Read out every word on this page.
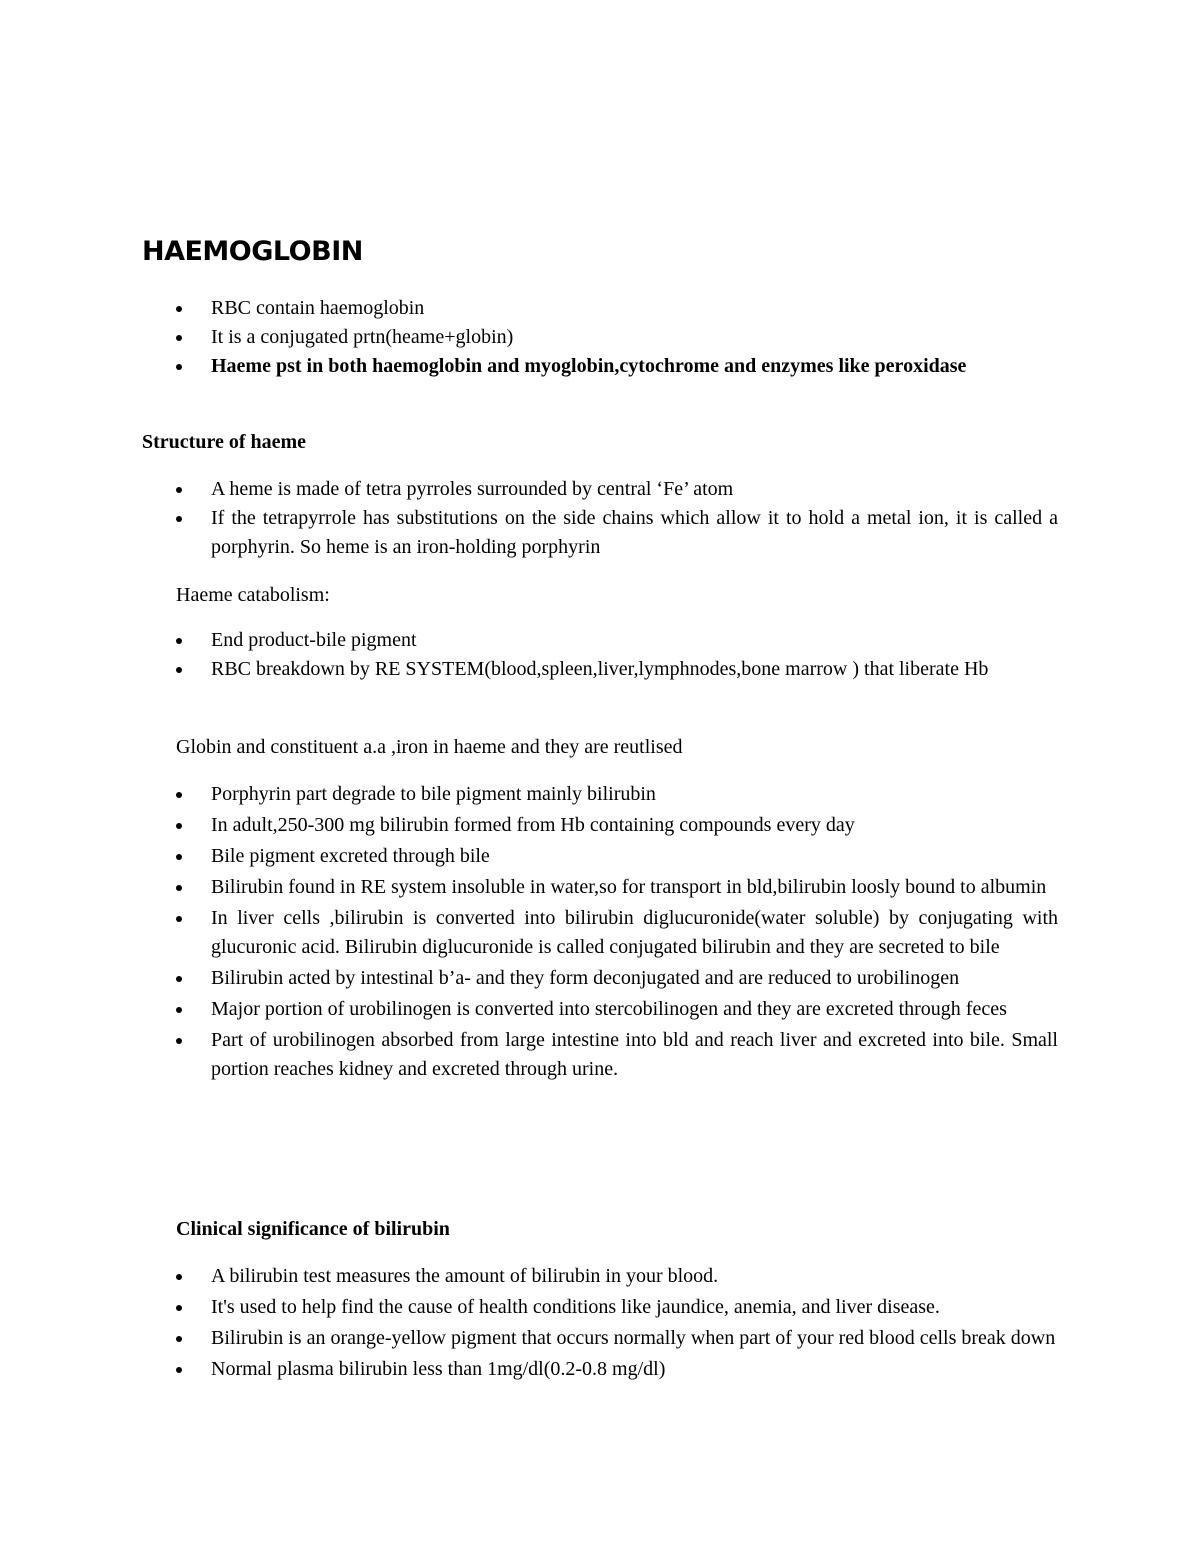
HAEMOGLOBIN
RBC contain haemoglobin
It is a conjugated prtn(heame+globin)
Haeme pst in both haemoglobin and myoglobin,cytochrome and enzymes like peroxidase

Structure of haeme

A heme is made of tetra pyrroles surrounded by central ‘Fe’ atom
If the tetrapyrrole has substitutions on the side chains which allow it to hold a metal ion, it is called a porphyrin. So heme is an iron-holding porphyrin

Haeme catabolism:

End product-bile pigment
RBC breakdown by RE SYSTEM(blood,spleen,liver,lymphnodes,bone marrow ) that liberate Hb

Globin and constituent a.a ,iron in haeme and they are reutlised

Porphyrin part degrade to bile pigment mainly bilirubin
In adult,250-300 mg bilirubin formed from Hb containing compounds every day
Bile pigment excreted through bile
Bilirubin found in RE system insoluble in water,so for transport in bld,bilirubin loosly bound to albumin
In liver cells ,bilirubin is converted into bilirubin diglucuronide(water soluble) by conjugating with glucuronic acid. Bilirubin diglucuronide is called conjugated bilirubin and they are secreted to bile
Bilirubin acted by intestinal b’a- and they form deconjugated and are reduced to urobilinogen
Major portion of urobilinogen is converted into stercobilinogen and they are excreted through feces
Part of urobilinogen absorbed from large intestine into bld and reach liver and excreted into bile. Small portion reaches kidney and excreted through urine.

Clinical significance of bilirubin

A bilirubin test measures the amount of bilirubin in your blood.
It's used to help find the cause of health conditions like jaundice, anemia, and liver disease.
Bilirubin is an orange-yellow pigment that occurs normally when part of your red blood cells break down
Normal plasma bilirubin less than 1mg/dl(0.2-0.8 mg/dl)
